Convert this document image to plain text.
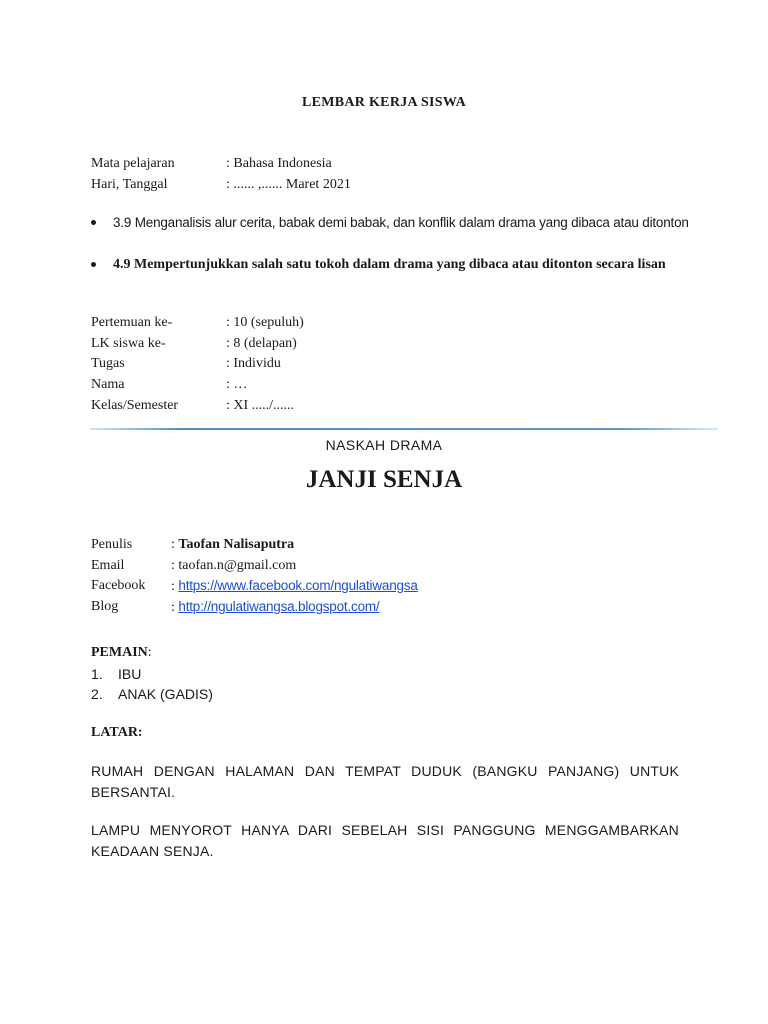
LEMBAR KERJA SISWA
Mata pelajaran	: Bahasa Indonesia
Hari, Tanggal	: ...... ,...... Maret 2021
3.9 Menganalisis alur cerita, babak demi babak, dan konflik dalam drama yang dibaca atau ditonton
4.9 Mempertunjukkan salah satu tokoh dalam drama yang dibaca atau ditonton secara lisan
Pertemuan ke-	: 10 (sepuluh)
LK siswa ke-	: 8 (delapan)
Tugas	: Individu
Nama	: …
Kelas/Semester	: XI ...../......
NASKAH DRAMA
JANJI SENJA
Penulis	: Taofan Nalisaputra
Email	: taofan.n@gmail.com
Facebook : https://www.facebook.com/ngulatiwangsa
Blog	: http://ngulatiwangsa.blogspot.com/
PEMAIN:
1. IBU
2. ANAK (GADIS)
LATAR:
RUMAH DENGAN HALAMAN DAN TEMPAT DUDUK (BANGKU PANJANG) UNTUK BERSANTAI.
LAMPU MENYOROT HANYA DARI SEBELAH SISI PANGGUNG MENGGAMBARKAN KEADAAN SENJA.
